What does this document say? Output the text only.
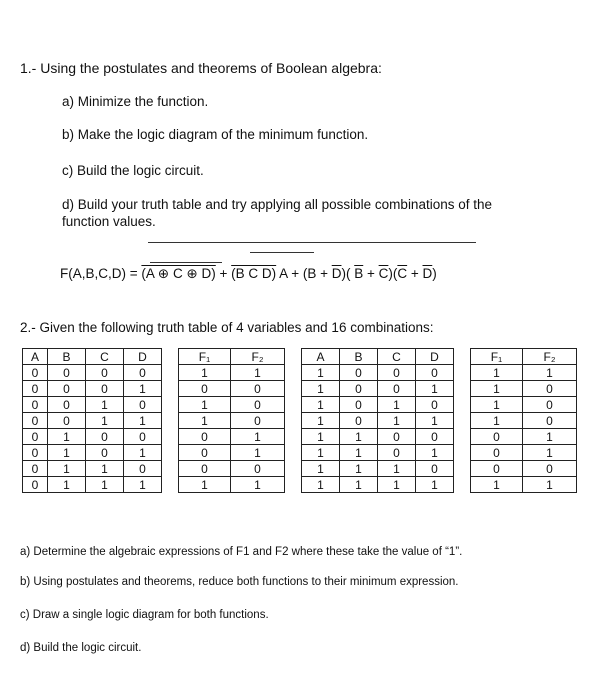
1.- Using the postulates and theorems of Boolean algebra:
a) Minimize the function.
b) Make the logic diagram of the minimum function.
c) Build the logic circuit.
d) Build your truth table and try applying all possible combinations of the
function values.
F(A,B,C,D) = (A ⊕ C ⊕ D) + (B C D) $A + (B + \overline{D})$( $\overline{B} + \overline{C})(\overline{C} + \overline{D})$
2.- Given the following truth table of 4 variables and 16 combinations:
A	B	C	D		F₁	F₂		A	B	C	D		F₁	F₂
0	0	0	0		1	1		1	0	0	0		1	1
0	0	0	1		0	0		1	0	0	1		1	0
0	0	1	0		1	0		1	0	1	0		1	0
0	0	1	1		1	0		1	0	1	1		1	0
0	1	0	0		0	1		1	1	0	0		0	1
0	1	0	1		0	1		1	1	0	1		0	1
0	1	1	0		0	0		1	1	1	0		0	0
0	1	1	1		1	1		1	1	1	1		1	1
a) Determine the algebraic expressions of F1 and F2 where these take the value of “1”.
b) Using postulates and theorems, reduce both functions to their minimum expression.
c) Draw a single logic diagram for both functions.
d) Build the logic circuit.
